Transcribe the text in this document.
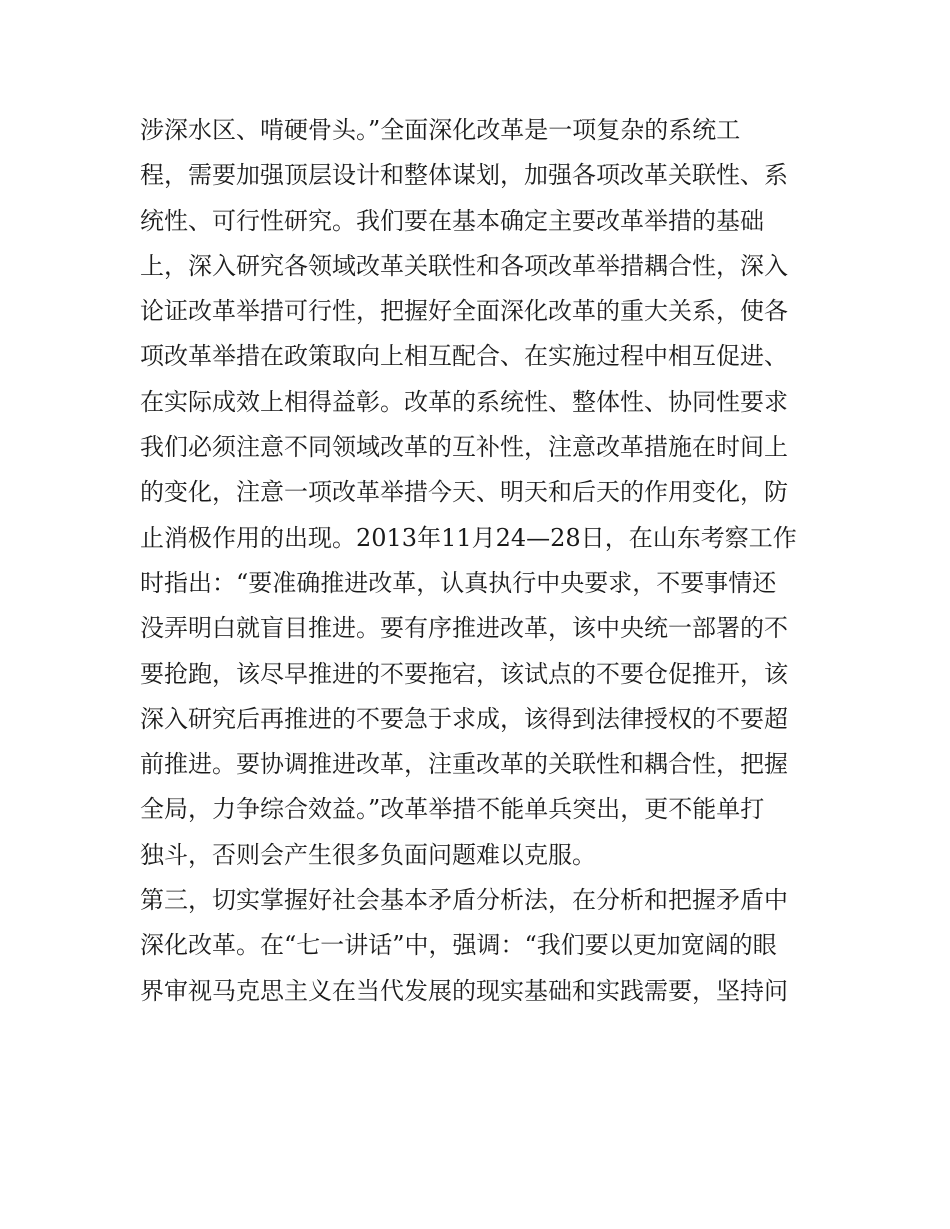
涉深水区、啃硬骨头。”全面深化改革是一项复杂的系统工
程，需要加强顶层设计和整体谋划，加强各项改革关联性、系
统性、可行性研究。我们要在基本确定主要改革举措的基础
上，深入研究各领域改革关联性和各项改革举措耦合性，深入
论证改革举措可行性，把握好全面深化改革的重大关系，使各
项改革举措在政策取向上相互配合、在实施过程中相互促进、
在实际成效上相得益彰。改革的系统性、整体性、协同性要求
我们必须注意不同领域改革的互补性，注意改革措施在时间上
的变化，注意一项改革举措今天、明天和后天的作用变化，防
止消极作用的出现。2013年11月24—28日，在山东考察工作
时指出：“要准确推进改革，认真执行中央要求，不要事情还
没弄明白就盲目推进。要有序推进改革，该中央统一部署的不
要抢跑，该尽早推进的不要拖宕，该试点的不要仓促推开，该
深入研究后再推进的不要急于求成，该得到法律授权的不要超
前推进。要协调推进改革，注重改革的关联性和耦合性，把握
全局，力争综合效益。”改革举措不能单兵突出，更不能单打
独斗，否则会产生很多负面问题难以克服。
第三，切实掌握好社会基本矛盾分析法，在分析和把握矛盾中
深化改革。在“七一讲话”中，强调：“我们要以更加宽阔的眼
界审视马克思主义在当代发展的现实基础和实践需要，坚持问
